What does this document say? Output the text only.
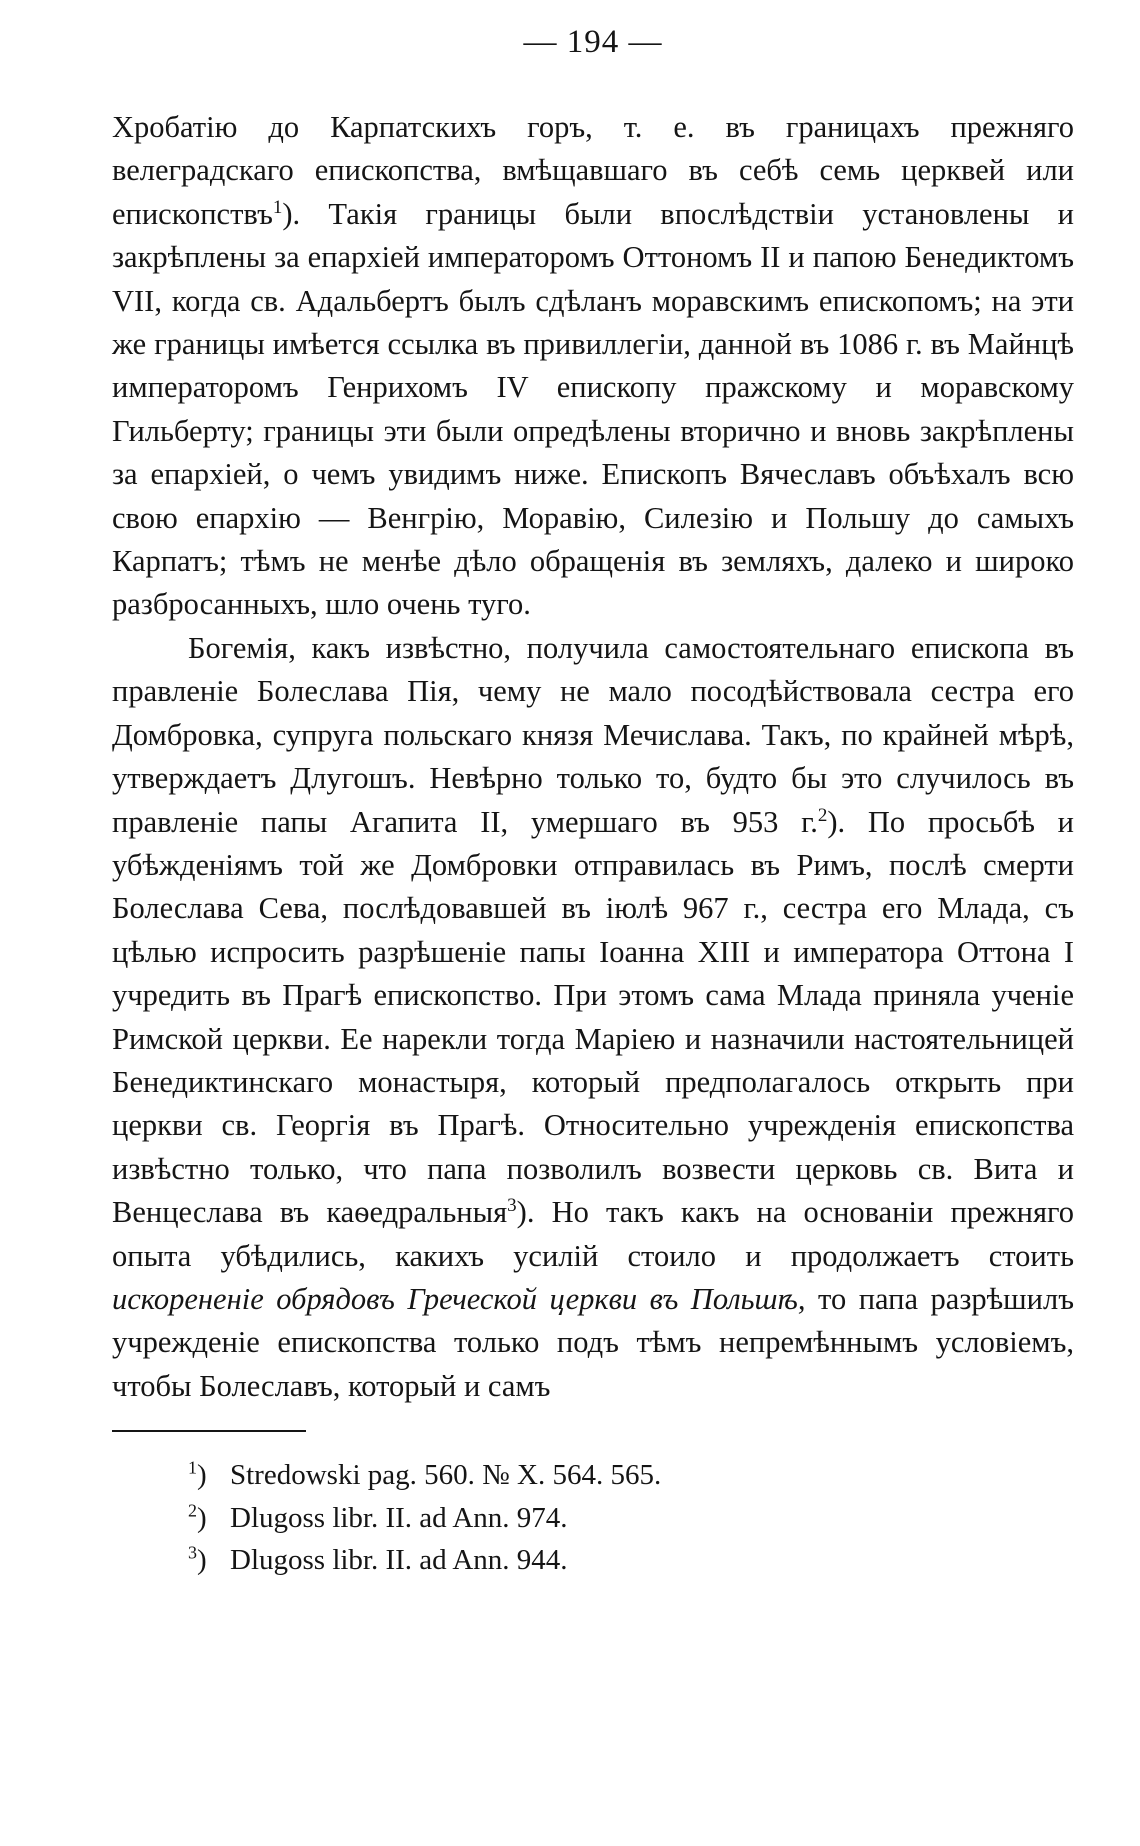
— 194 —

Хробатію до Карпатскихъ горъ, т. е. въ границахъ прежняго велеградскаго епископства, вмѣщавшаго въ себѣ семь церквей или епископствъ$^1$). Такія границы были впослѣдствіи установлены и закрѣплены за епархіей императоромъ Оттономъ II и папою Бенедиктомъ VII, когда св. Адальбертъ былъ сдѣланъ моравскимъ епископомъ; на эти же границы имѣется ссылка въ привиллегіи, данной въ 1086 г. въ Майнцѣ императоромъ Генрихомъ IV епископу пражскому и моравскому Гильберту; границы эти были опредѣлены вторично и вновь закрѣплены за епархіей, о чемъ увидимъ ниже. Епископъ Вячеславъ объѣхалъ всю свою епархію — Венгрію, Моравію, Силезію и Польшу до самыхъ Карпатъ; тѣмъ не менѣе дѣло обращенія въ земляхъ, далеко и широко разбросанныхъ, шло очень туго.

Богемія, какъ извѣстно, получила самостоятельнаго епископа въ правленіе Болеслава Пія, чему не мало посодѣйствовала сестра его Домбровка, супруга польскаго князя Мечислава. Такъ, по крайней мѣрѣ, утверждаетъ Длугошъ. Невѣрно только то, будто бы это случилось въ правленіе папы Агапита II, умершаго въ 953 г.$^2$). По просьбѣ и убѣжденіямъ той же Домбровки отправилась въ Римъ, послѣ смерти Болеслава Сева, послѣдовавшей въ іюлѣ 967 г., сестра его Млада, съ цѣлью испросить разрѣшеніе папы Іоанна XIII и императора Оттона I учредить въ Прагѣ епископство. При этомъ сама Млада приняла ученіе Римской церкви. Ее нарекли тогда Маріею и назначили настоятельницей Бенедиктинскаго монастыря, который предполагалось открыть при церкви св. Георгія въ Прагѣ. Относительно учрежденія епископства извѣстно только, что папа позволилъ возвести церковь св. Вита и Венцеслава въ каѳедральныя$^3$). Но такъ какъ на основаніи прежняго опыта убѣдились, какихъ усилій стоило и продолжаетъ стоить искорененіе обрядовъ Греческой церкви въ Польшѣ, то папа разрѣшилъ учрежденіе епископства только подъ тѣмъ непремѣннымъ условіемъ, чтобы Болеславъ, который и самъ

$^1$) Stredowski pag. 560. № X. 564. 565.
$^2$) Dlugoss libr. II. ad Ann. 974.
$^3$) Dlugoss libr. II. ad Ann. 944.
